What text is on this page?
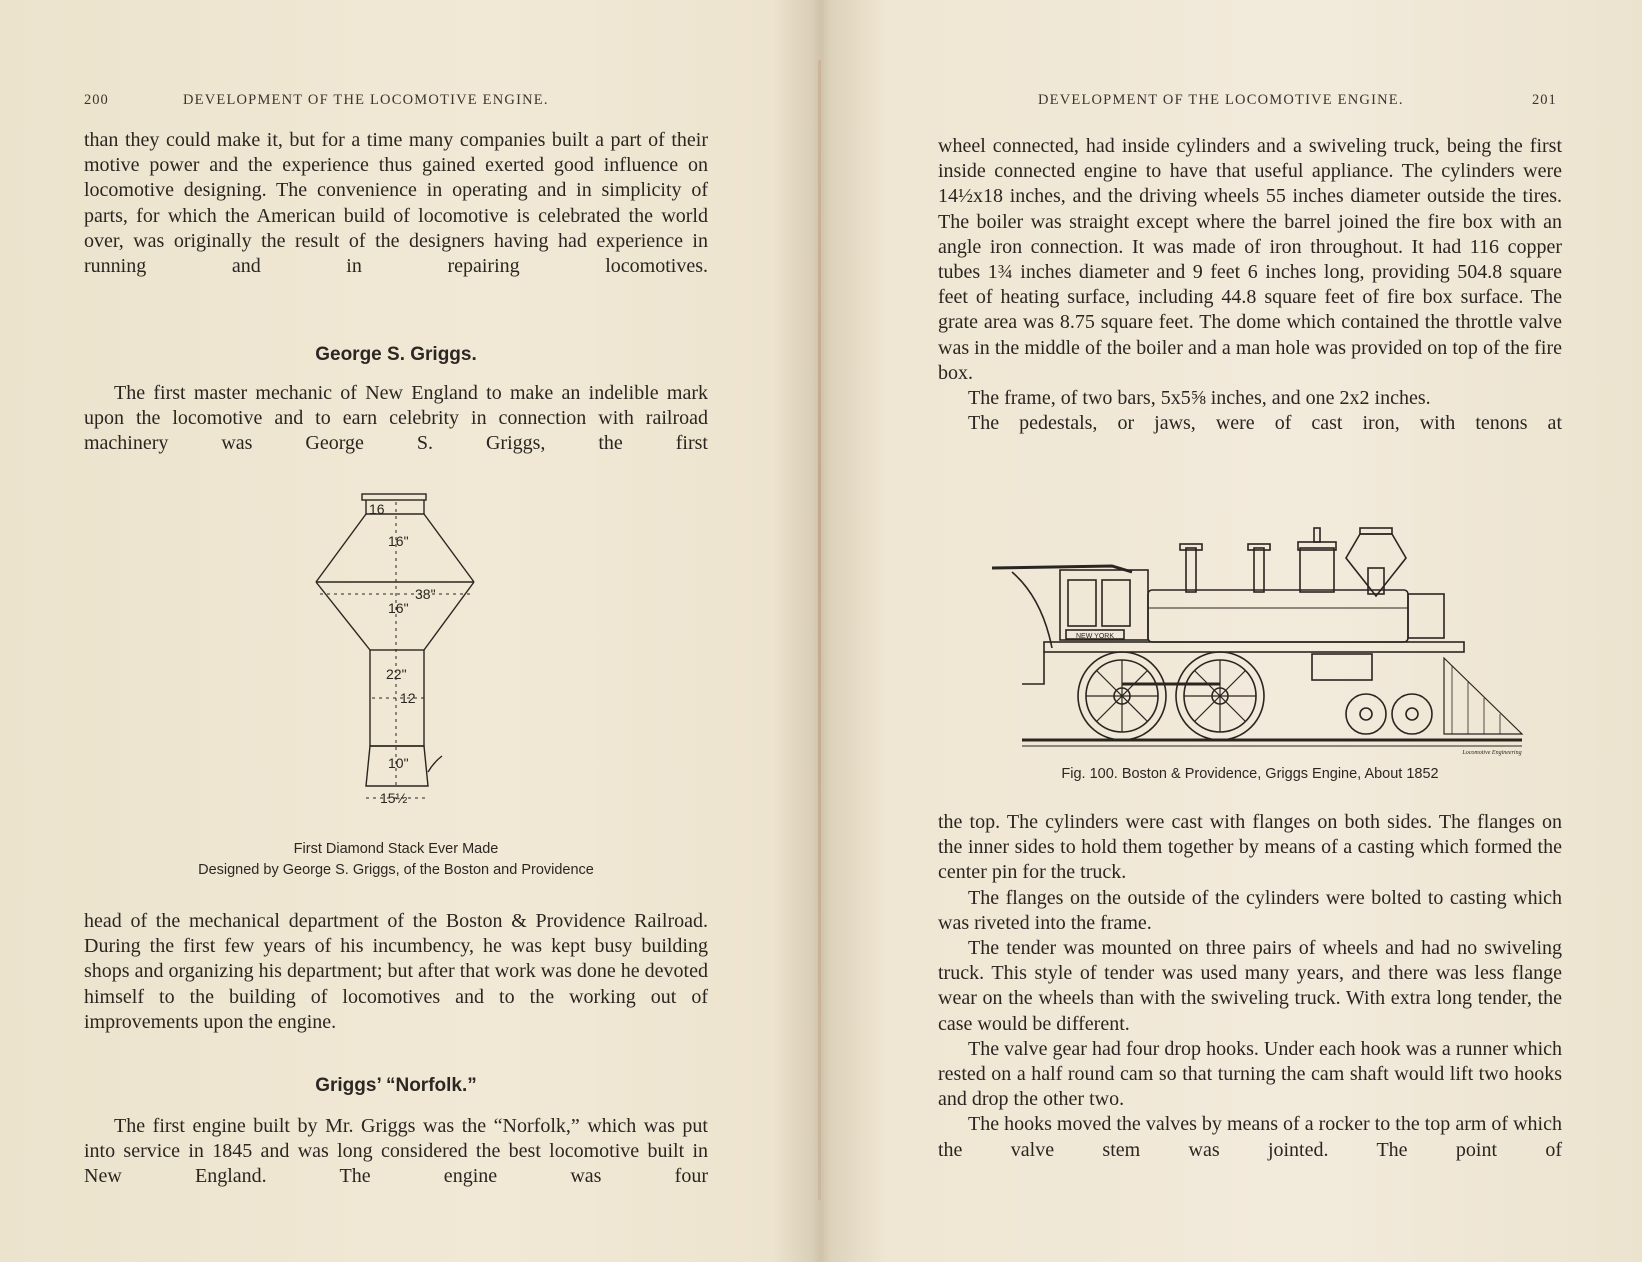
200	DEVELOPMENT OF THE LOCOMOTIVE ENGINE.

than they could make it, but for a time many companies built a part of their motive power and the experience thus gained exerted good influence on locomotive designing. The convenience in operating and in simplicity of parts, for which the American build of locomotive is celebrated the world over, was originally the result of the designers having had experience in running and in repairing locomotives.

George S. Griggs.

The first master mechanic of New England to make an indelible mark upon the locomotive and to earn celebrity in connection with railroad machinery was George S. Griggs, the first

16
16"
38"
16"
22"
12
10"
15½
First Diamond Stack Ever Made
Designed by George S. Griggs, of the Boston and Providence

head of the mechanical department of the Boston & Providence Railroad. During the first few years of his incumbency, he was kept busy building shops and organizing his department; but after that work was done he devoted himself to the building of locomotives and to the working out of improvements upon the engine.

Griggs’ “Norfolk.”

The first engine built by Mr. Griggs was the “Norfolk,” which was put into service in 1845 and was long considered the best locomotive built in New England. The engine was four

DEVELOPMENT OF THE LOCOMOTIVE ENGINE.	201

wheel connected, had inside cylinders and a swiveling truck, being the first inside connected engine to have that useful appliance. The cylinders were 14½x18 inches, and the driving wheels 55 inches diameter outside the tires. The boiler was straight except where the barrel joined the fire box with an angle iron connection. It was made of iron throughout. It had 116 copper tubes 1¾ inches diameter and 9 feet 6 inches long, providing 504.8 square feet of heating surface, including 44.8 square feet of fire box surface. The grate area was 8.75 square feet. The dome which contained the throttle valve was in the middle of the boiler and a man hole was provided on top of the fire box.

The frame, of two bars, 5x5⅝ inches, and one 2x2 inches.

The pedestals, or jaws, were of cast iron, with tenons at

NEW YORK
Locomotive Engineering
Fig. 100. Boston & Providence, Griggs Engine, About 1852

the top. The cylinders were cast with flanges on both sides. The flanges on the inner sides to hold them together by means of a casting which formed the center pin for the truck.

The flanges on the outside of the cylinders were bolted to casting which was riveted into the frame.

The tender was mounted on three pairs of wheels and had no swiveling truck. This style of tender was used many years, and there was less flange wear on the wheels than with the swiveling truck. With extra long tender, the case would be different.

The valve gear had four drop hooks. Under each hook was a runner which rested on a half round cam so that turning the cam shaft would lift two hooks and drop the other two.

The hooks moved the valves by means of a rocker to the top arm of which the valve stem was jointed. The point of
